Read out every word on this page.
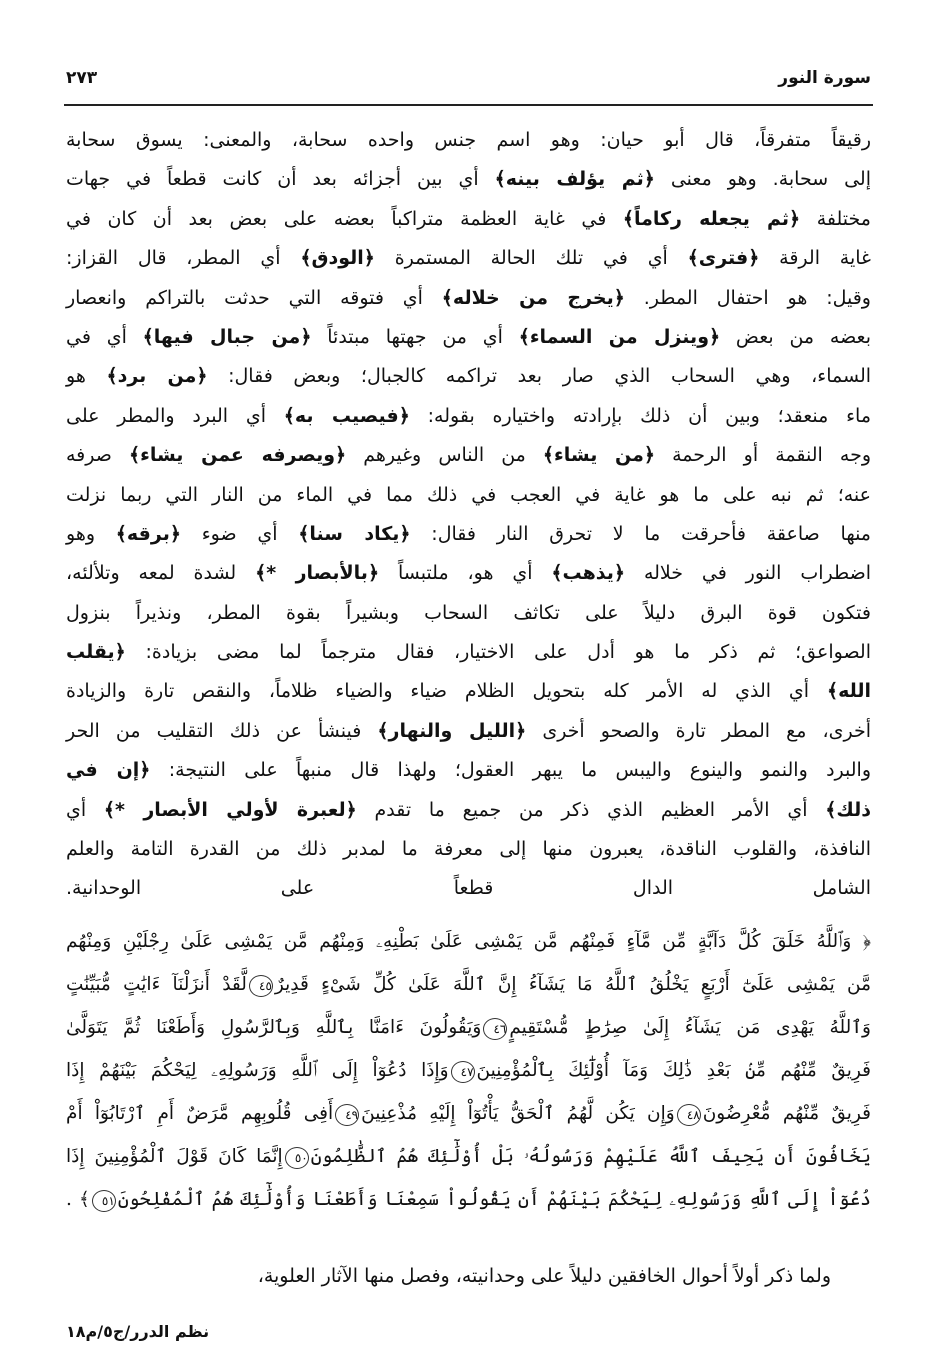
سورة النور
٢٧٣
رقيقاً متفرقاً، قال أبو حيان: وهو اسم جنس واحده سحابة، والمعنى: يسوق سحابة
إلى سحابة. وهو معنى ﴿ثم يؤلف بينه﴾ أي بين أجزائه بعد أن كانت قطعاً في جهات
مختلفة ﴿ثم يجعله ركاماً﴾ في غاية العظمة متراكباً بعضه على بعض بعد أن كان في
غاية الرقة ﴿فترى﴾ أي في تلك الحالة المستمرة ﴿الودق﴾ أي المطر، قال القزاز:
وقيل: هو احتفال المطر. ﴿يخرج من خلاله﴾ أي فتوقه التي حدثت بالتراكم وانعصار
بعضه من بعض ﴿وينزل من السماء﴾ أي من جهتها مبتدئاً ﴿من جبال فيها﴾ أي في
السماء، وهي السحاب الذي صار بعد تراكمه كالجبال؛ وبعض فقال: ﴿من برد﴾ هو
ماء منعقد؛ وبين أن ذلك بإرادته واختياره بقوله: ﴿فيصيب به﴾ أي البرد والمطر على
وجه النقمة أو الرحمة ﴿من يشاء﴾ من الناس وغيرهم ﴿ويصرفه عمن يشاء﴾ صرفه
عنه؛ ثم نبه على ما هو غاية في العجب في ذلك مما في الماء من النار التي ربما نزلت
منها صاعقة فأحرقت ما لا تحرق النار فقال: ﴿يكاد سنا﴾ أي ضوء ﴿برقه﴾ وهو
اضطراب النور في خلاله ﴿يذهب﴾ أي هو، ملتبساً ﴿بالأبصار *﴾ لشدة لمعه وتلألئه،
فتكون قوة البرق دليلاً على تكاثف السحاب وبشيراً بقوة المطر، ونذيراً بنزول
الصواعق؛ ثم ذكر ما هو أدل على الاختيار، فقال مترجماً لما مضى بزيادة: ﴿يقلب
الله﴾ أي الذي له الأمر كله بتحويل الظلام ضياء والضياء ظلاماً، والنقص تارة والزيادة
أخرى، مع المطر تارة والصحو أخرى ﴿الليل والنهار﴾ فينشأ عن ذلك التقليب من الحر
والبرد والنمو والينوع واليبس ما يبهر العقول؛ ولهذا قال منبهاً على النتيجة: ﴿إن في
ذلك﴾ أي الأمر العظيم الذي ذكر من جميع ما تقدم ﴿لعبرة لأولي الأبصار *﴾ أي
النافذة، والقلوب الناقدة، يعبرون منها إلى معرفة ما لمدبر ذلك من القدرة التامة والعلم
الشامل الدال قطعاً على الوحدانية.
﴿ وَٱللَّهُ خَلَقَ كُلَّ دَآبَّةٍ مِّن مَّآءٍ فَمِنْهُم مَّن يَمْشِى عَلَىٰ بَطْنِهِۦ وَمِنْهُم مَّن يَمْشِى عَلَىٰ رِجْلَيْنِ وَمِنْهُم
مَّن يَمْشِى عَلَىٰٓ أَرْبَعٍ يَخْلُقُ ٱللَّهُ مَا يَشَآءُ إِنَّ ٱللَّهَ عَلَىٰ كُلِّ شَىْءٍ قَدِيرٌ٤٥لَّقَدْ أَنزَلْنَآ ءَايَٰتٍ مُّبَيِّنَٰتٍ
وَٱللَّهُ يَهْدِى مَن يَشَآءُ إِلَىٰ صِرَٰطٍ مُّسْتَقِيمٍ٤٦وَيَقُولُونَ ءَامَنَّا بِٱللَّهِ وَبِٱلرَّسُولِ وَأَطَعْنَا ثُمَّ يَتَوَلَّىٰ
فَرِيقٌ مِّنْهُم مِّنۢ بَعْدِ ذَٰلِكَ وَمَآ أُوْلَٰٓئِكَ بِٱلْمُؤْمِنِينَ٤٧وَإِذَا دُعُوٓاْ إِلَى ٱللَّهِ وَرَسُولِهِۦ لِيَحْكُمَ بَيْنَهُمْ إِذَا
فَرِيقٌ مِّنْهُم مُّعْرِضُونَ٤٨وَإِن يَكُن لَّهُمُ ٱلْحَقُّ يَأْتُوٓاْ إِلَيْهِ مُذْعِنِينَ٤٩أَفِى قُلُوبِهِم مَّرَضٌ أَمِ ٱرْتَابُوٓاْ أَمْ
يَخَافُونَ أَن يَحِيفَ ٱللَّهُ عَلَيْهِمْ وَرَسُولُهُۥ بَلْ أُوْلَٰٓئِكَ هُمُ ٱلظَّٰلِمُونَ٥٠إِنَّمَا كَانَ قَوْلَ ٱلْمُؤْمِنِينَ إِذَا
دُعُوٓاْ إِلَى ٱللَّهِ وَرَسُولِهِۦ لِيَحْكُمَ بَيْنَهُمْ أَن يَقُولُواْ سَمِعْنَا وَأَطَعْنَا وَأُوْلَٰٓئِكَ هُمُ ٱلْمُفْلِحُونَ٥١﴾ .
ولما ذكر أولاً أحوال الخافقين دليلاً على وحدانيته، وفصل منها الآثار العلوية،
نظم الدرر/ج٥/م١٨
